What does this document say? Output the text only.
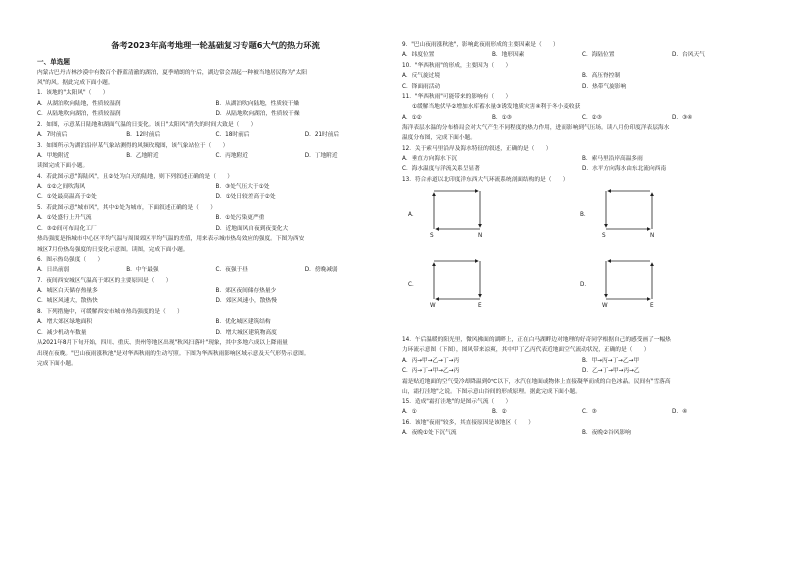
备考2023年高考地理一轮基础复习专题6大气的热力环流
一、单选题

内蒙古巴丹吉林沙漠中有数百个静蓝清澈的湖泊，夏季晴朗的午后，湖边常会刮起一种被当地居民称为"太阳

风"的风。据此完成下面小题。

1．该地的"太阳风"（　　）

A．从湖泊吹向陆地，性质较湿润	B．从湖泊吹向陆地，性质较干燥
C．从陆地吹向湖泊，性质较湿润	D．从陆地吹向湖泊，性质较干燥

2．如图，示意某日陆地和湖面气温的日变化。该日"太阳风"消失的时间大致是（　　）

A．7时前后	B．12时前后	C．18时前后	D．21时前后

3．如图所示为湖泊沿岸某气象站测得的风频玫瑰图，该气象站位于（　　）

A．甲地附近	B．乙地附近	C．丙地附近	D．丁地附近

读图完成下面小题。

4．若此图示意"海陆风"，且②处为白天的陆地，则下列叙述正确的是（　　）

A．①②之间吹海风	B．③处气压大于①处
C．①处最高温高于②处	D．①处日较差高于②处

5．若此图示意"城市风"，其中①处为城市，下面叙述正确的是（　　）

A．①处盛行上升气流	B．①处污染更严重
C．③②间可布局化工厂	D．近地面风自夜到夜变化大

热岛强度是指城市中心区平均气温与周围郊区平均气温的差值，用来表示城市热岛效应的强度。下图为西安

城区7月份热岛强度的日变化示意图。读图，完成下面小题。

6．图示热岛强度（　　）

A．日出前弱	B．中午最强	C．夜强于昼	D．傍晚减弱

7．夜间西安城区气温高于郊区的主要原因是（　　）

A．城区白天储存热量多	B．郊区夜间储存热量少
C．城区风速大，散热快	D．郊区风速小，散热慢

8．下列措施中，可缓解西安市城市热岛强度的是（　　）

A．增大郊区绿地面积	B．优化城区建筑结构
C．减少机动车数量	D．增大城区建筑物高度

从2021年8月下旬开始，四川、重庆、贵州等地区出现"秋风扫落叶"现象，其中多地六成以上降雨量

出现在夜晚。"巴山夜雨涨秋池"是对华西秋雨的生动写照。下图为华西秋雨影响区域示意及天气形势示意图。

完成下面小题。

9．"巴山夜雨涨秋池"，影响此夜雨形成的主要因素是（　　）

A．纬度位置	B．地形因素	C．海陆位置	D．台风天气

10．"华西秋雨"的形成，主要因为（　　）

A．反气旋过境	B．高压脊控制
C．锋面雨活动	D．热带气旋影响

11．"华西秋雨"可能带来的影响有（　　）

①缓解当地伏旱②增加水库蓄水量③诱发地质灾害④利于冬小麦收获

A．①②	B．①③	C．②③	D．③④

海洋表层水温的分布格局会对大气产生不同程度的热力作用，进而影响到气压场。读八月份印度洋表层海水

温度分布图，完成下面小题。

12．关于索马里沿岸及海水特征的叙述，正确的是（　　）

A．垂直方向海水下沉	B．索马里沿岸高温多雨
C．海水温度与洋流关系呈显著	D．水平方向海水由东北流向西南

13．符合赤道以北印度洋东西大气环流系统剖面结构的是（　　）

A．
S	N
B．
S	N
C．
W	E
D．
W	E

14．午后温暖的阳光里，微风拂面的湖畔上，正在白马湖畔边对地理的好奇同学根据自己的感受画了一幅热

力环流示意图（下图），图风带来凉爽，其中甲丁乙丙代表近地面空气流动状况，正确的是（　　）

A．丙→甲→乙→丁→丙	B．甲→丙→丁→乙→甲
C．丙→丁→甲→乙→丙	D．乙→丁→甲→丙→乙

霜是贴近地面的空气受冷却降温到0℃以下，水汽在地面或物体上直接凝华而成的白色冰晶。民间有"雪落高

山，霜打洼地"之说。下图示意山谷间的形成原理。据此完成下面小题。

15．造成"霜打洼地"的是图示气流（　　）

A．①	B．②	C．③	D．④

16．该地"夜雨"较多，其直接原因是该地区（　　）

A．夜晚①处下沉气流	B．夜晚②谷风影响
